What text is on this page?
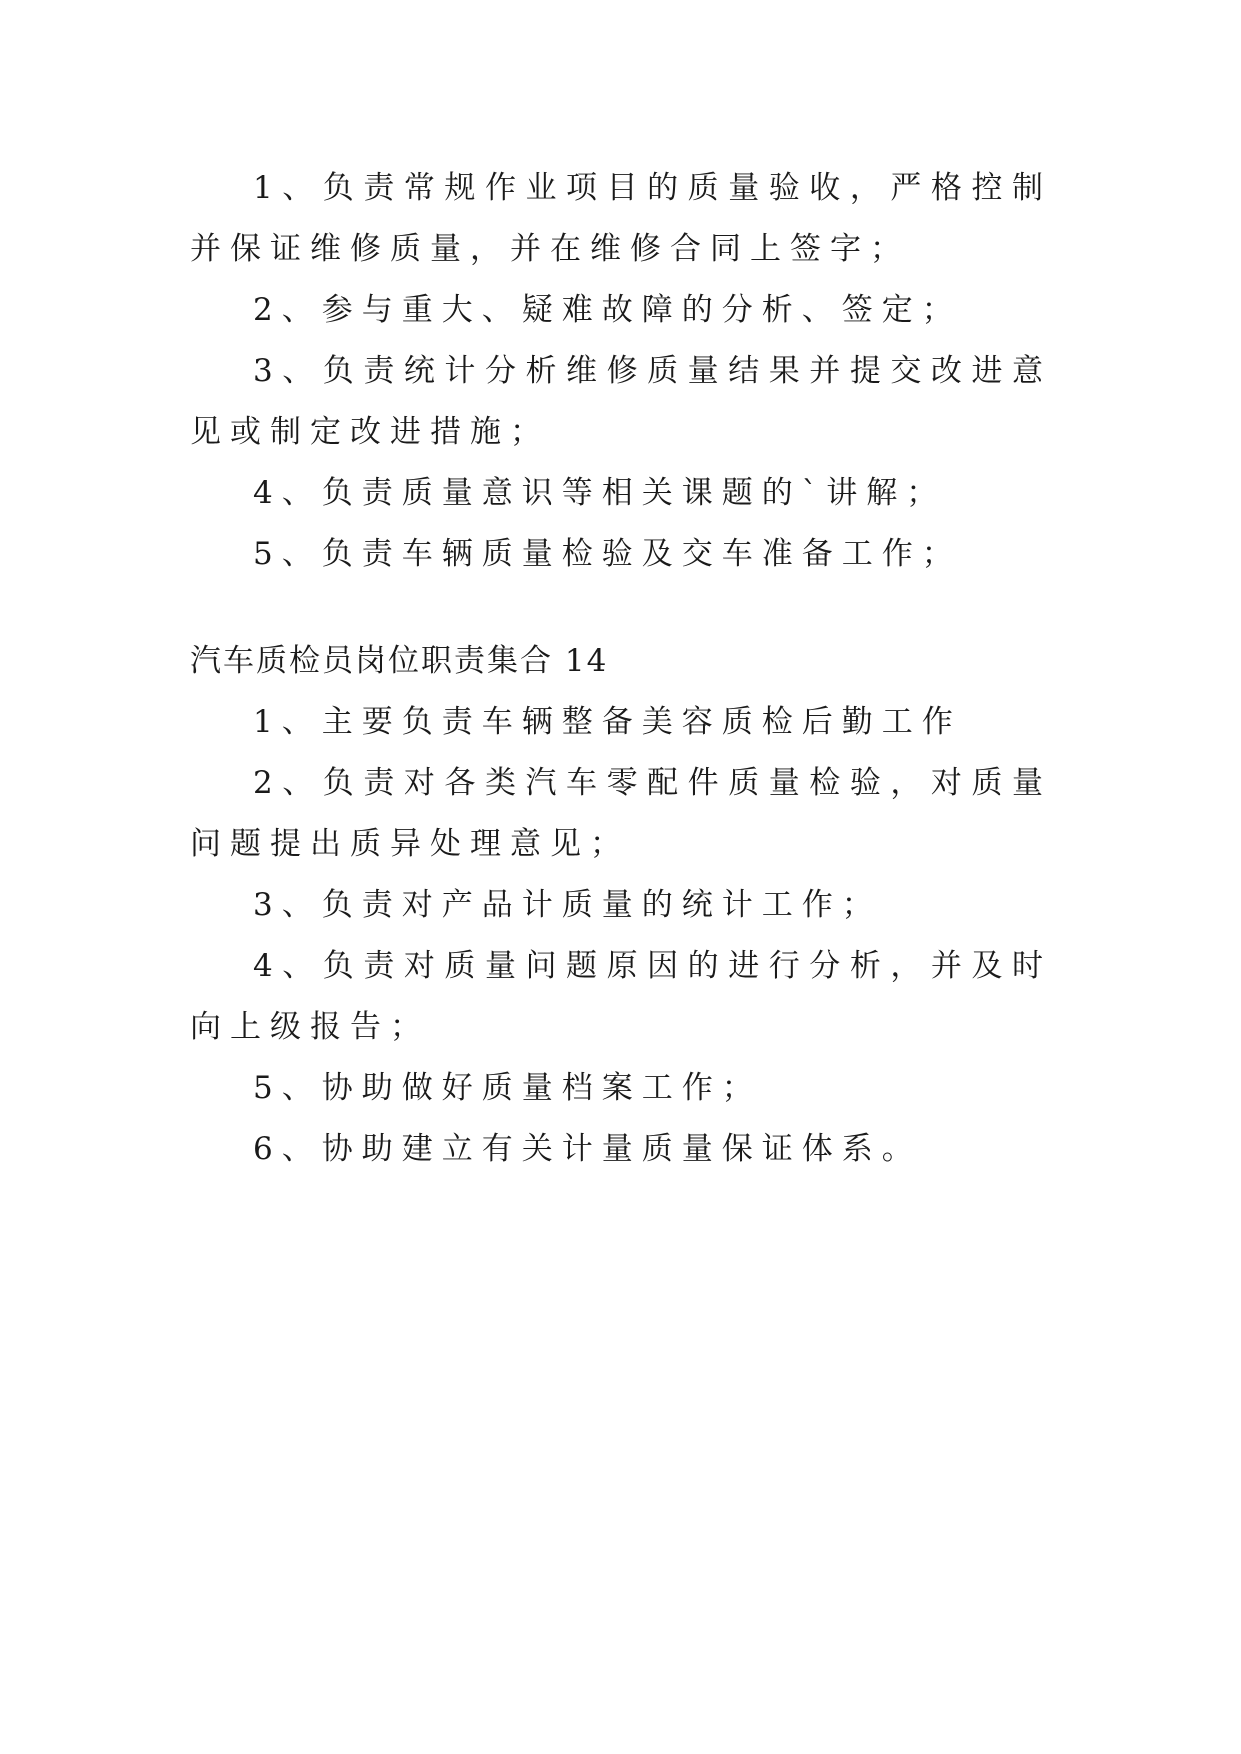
1、负责常规作业项目的质量验收，严格控制并保证维修质量，并在维修合同上签字；

2、参与重大、疑难故障的分析、签定；

3、负责统计分析维修质量结果并提交改进意见或制定改进措施；

4、负责质量意识等相关课题的`讲解；

5、负责车辆质量检验及交车准备工作；

汽车质检员岗位职责集合 14

1、主要负责车辆整备美容质检后勤工作

2、负责对各类汽车零配件质量检验，对质量问题提出质异处理意见；

3、负责对产品计质量的统计工作；

4、负责对质量问题原因的进行分析，并及时向上级报告；

5、协助做好质量档案工作；

6、协助建立有关计量质量保证体系。
